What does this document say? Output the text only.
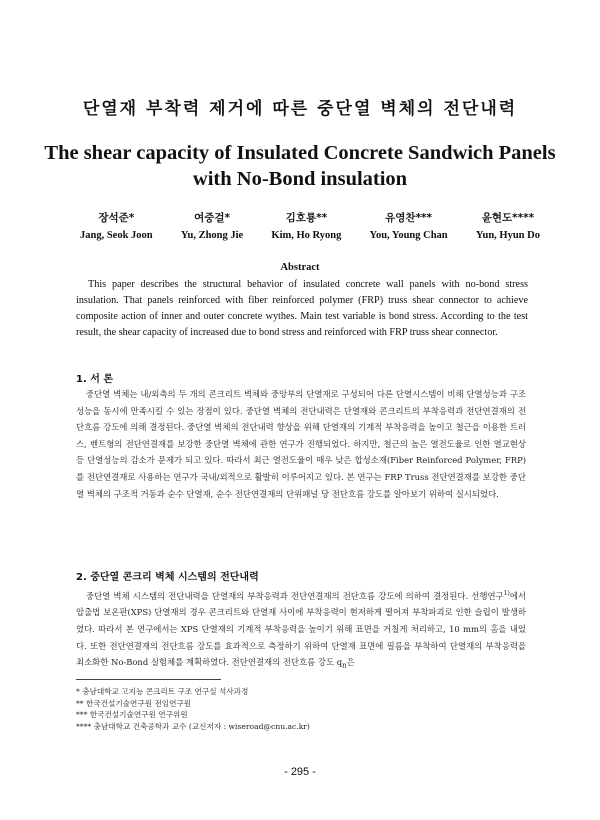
단열재 부착력 제거에 따른 중단열 벽체의 전단내력
The shear capacity of Insulated Concrete Sandwich Panels
with No-Bond insulation
장석준*
Jang, Seok Joon
여중걸*
Yu, Zhong Jie
김호룡**
Kim, Ho Ryong
유영찬***
You, Young Chan
윤현도****
Yun, Hyun Do
Abstract
This paper describes the structural behavior of insulated concrete wall panels with no-bond stress insulation. That panels reinforced with fiber reinforced polymer (FRP) truss shear connector to achieve composite action of inner and outer concrete wythes. Main test variable is bond stress. According to the test result, the shear capacity of increased due to bond stress and reinforced with FRP truss shear connector.
1. 서 론
중단열 벽체는 내/외측의 두 개의 콘크리트 벽체와 중앙부의 단열재로 구성되어 다른 단열시스템이 비해 단열성능과 구조성능을 동시에 만족시킬 수 있는 장점이 있다. 중단열 벽체의 전단내력은 단열재와 콘크리트의 부착응력과 전단연결재의 전단흐름 강도에 의해 결정된다. 중단열 벽체의 전단내력 향상을 위해 단열재의 기계적 부착응력을 높이고 철근을 이용한 트러스, 벤트형의 전단연결재를 보강한 중단열 벽체에 관한 연구가 진행되었다. 하지만, 철근의 높은 열전도율로 인한 열교현상 등 단열성능의 감소가 문제가 되고 있다. 따라서 최근 열전도율이 매우 낮은 합성소재(Fiber Reinforced Polymer, FRP)를 전단연결재로 사용하는 연구가 국내/외적으로 활발히 이루어지고 있다. 본 연구는 FRP Truss 전단연결재를 보강한 중단열 벽체의 구조적 거동과 순수 단열재, 순수 전단연결재의 단위패널 당 전단흐름 강도를 알아보기 위하여 실시되었다.
2. 중단열 콘크리 벽체 시스템의 전단내력
중단열 벽체 시스템의 전단내력을 단열재의 부착응력과 전단연결재의 전단흐름 강도에 의하여 결정된다. 선행연구$^{1)}$에서 압출법 보온판(XPS) 단열재의 경우 콘크리트와 단열재 사이에 부착응력이 현저하게 떨어져 부착파괴로 인한 슬립이 발생하였다. 따라서 본 연구에서는 XPS 단열재의 기계적 부착응력을 높이기 위해 표면을 거칠게 처리하고, 10 mm의 홈을 내었다. 또한 전단연결재의 전단흐름 강도를 효과적으로 측정하기 위하여 단열재 표면에 필름을 부착하여 단열재의 부착응력을 최소화한 No-Bond 실험체를 계획하였다. 전단연결재의 전단흐름 강도 $q_n$은
* 충남대학교 고지능 콘크리트 구조 연구실 석사과정
** 한국건설기술연구원 전임연구원
*** 한국건설기술연구원 연구위원
**** 충남대학교 건축공학과 교수 (교신저자 : wiseroad@cnu.ac.kr)
- 295 -
